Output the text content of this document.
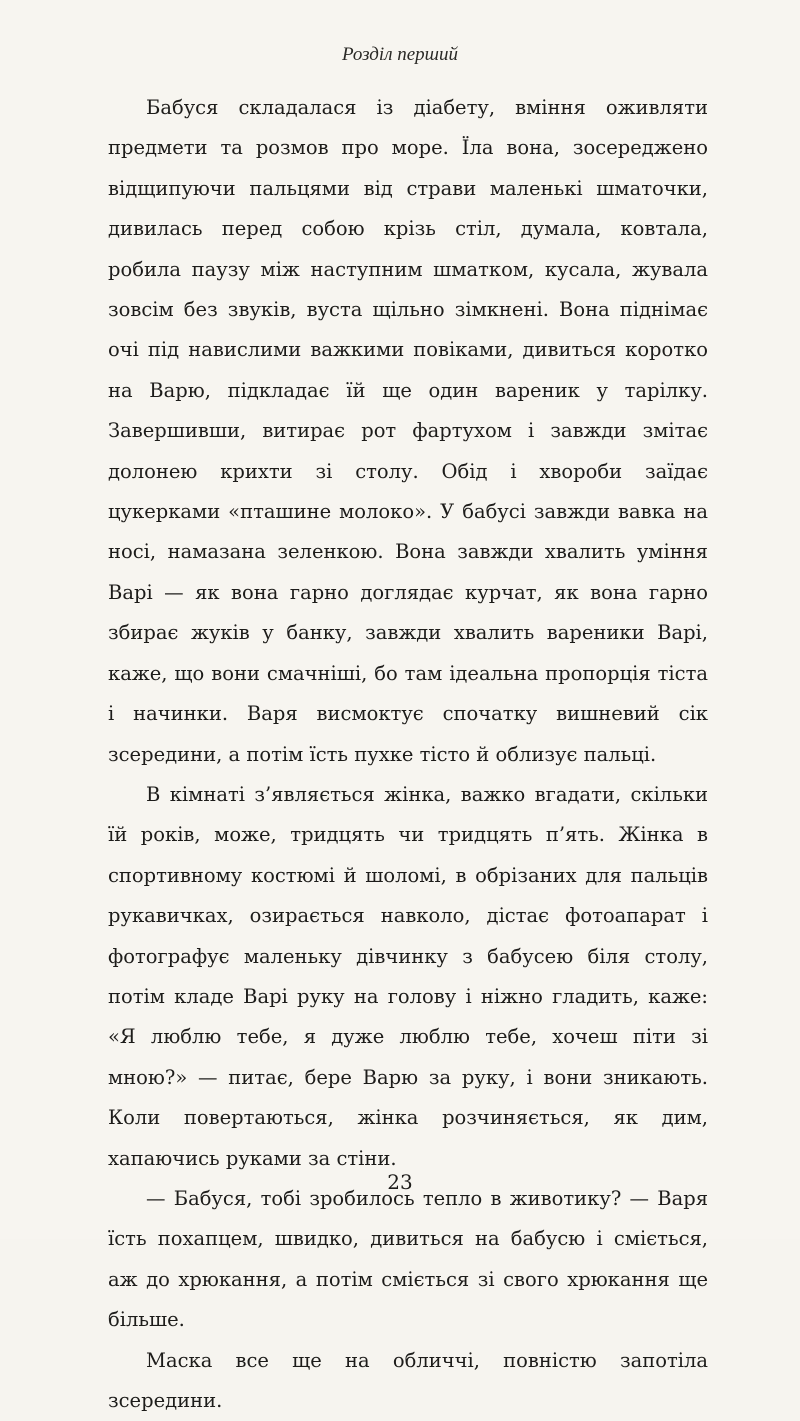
Розділ перший

Бабуся складалася із діабету, вміння оживляти предмети та розмов про море. Їла вона, зосереджено відщипуючи пальцями від страви маленькі шматочки, дивилась перед собою крізь стіл, думала, ковтала, робила паузу між наступним шматком, кусала, жувала зовсім без звуків, вуста щільно зімкнені. Вона піднімає очі під навислими важкими повіками, дивиться коротко на Варю, підкладає їй ще один вареник у тарілку. Завершивши, витирає рот фартухом і завжди змітає долонею крихти зі столу. Обід і хвороби заїдає цукерками «пташине молоко». У бабусі завжди вавка на носі, намазана зеленкою. Вона завжди хвалить уміння Варі — як вона гарно доглядає курчат, як вона гарно збирає жуків у банку, завжди хвалить вареники Варі, каже, що вони смачніші, бо там ідеальна пропорція тіста і начинки. Варя висмоктує спочатку вишневий сік зсередини, а потім їсть пухке тісто й облизує пальці.

В кімнаті з’являється жінка, важко вгадати, скільки їй років, може, тридцять чи тридцять п’ять. Жінка в спортивному костюмі й шоломі, в обрізаних для пальців рукавичках, озирається навколо, дістає фотоапарат і фотографує маленьку дівчинку з бабусею біля столу, потім кладе Варі руку на голову і ніжно гладить, каже: «Я люблю тебе, я дуже люблю тебе, хочеш піти зі мною?» — питає, бере Варю за руку, і вони зникають. Коли повертаються, жінка розчиняється, як дим, хапаючись руками за стіни.

— Бабуся, тобі зробилось тепло в животику? — Варя їсть похапцем, швидко, дивиться на бабусю і сміється, аж до хрюкання, а потім сміється зі свого хрюкання ще більше.

Маска все ще на обличчі, повністю запотіла зсередини.

23
